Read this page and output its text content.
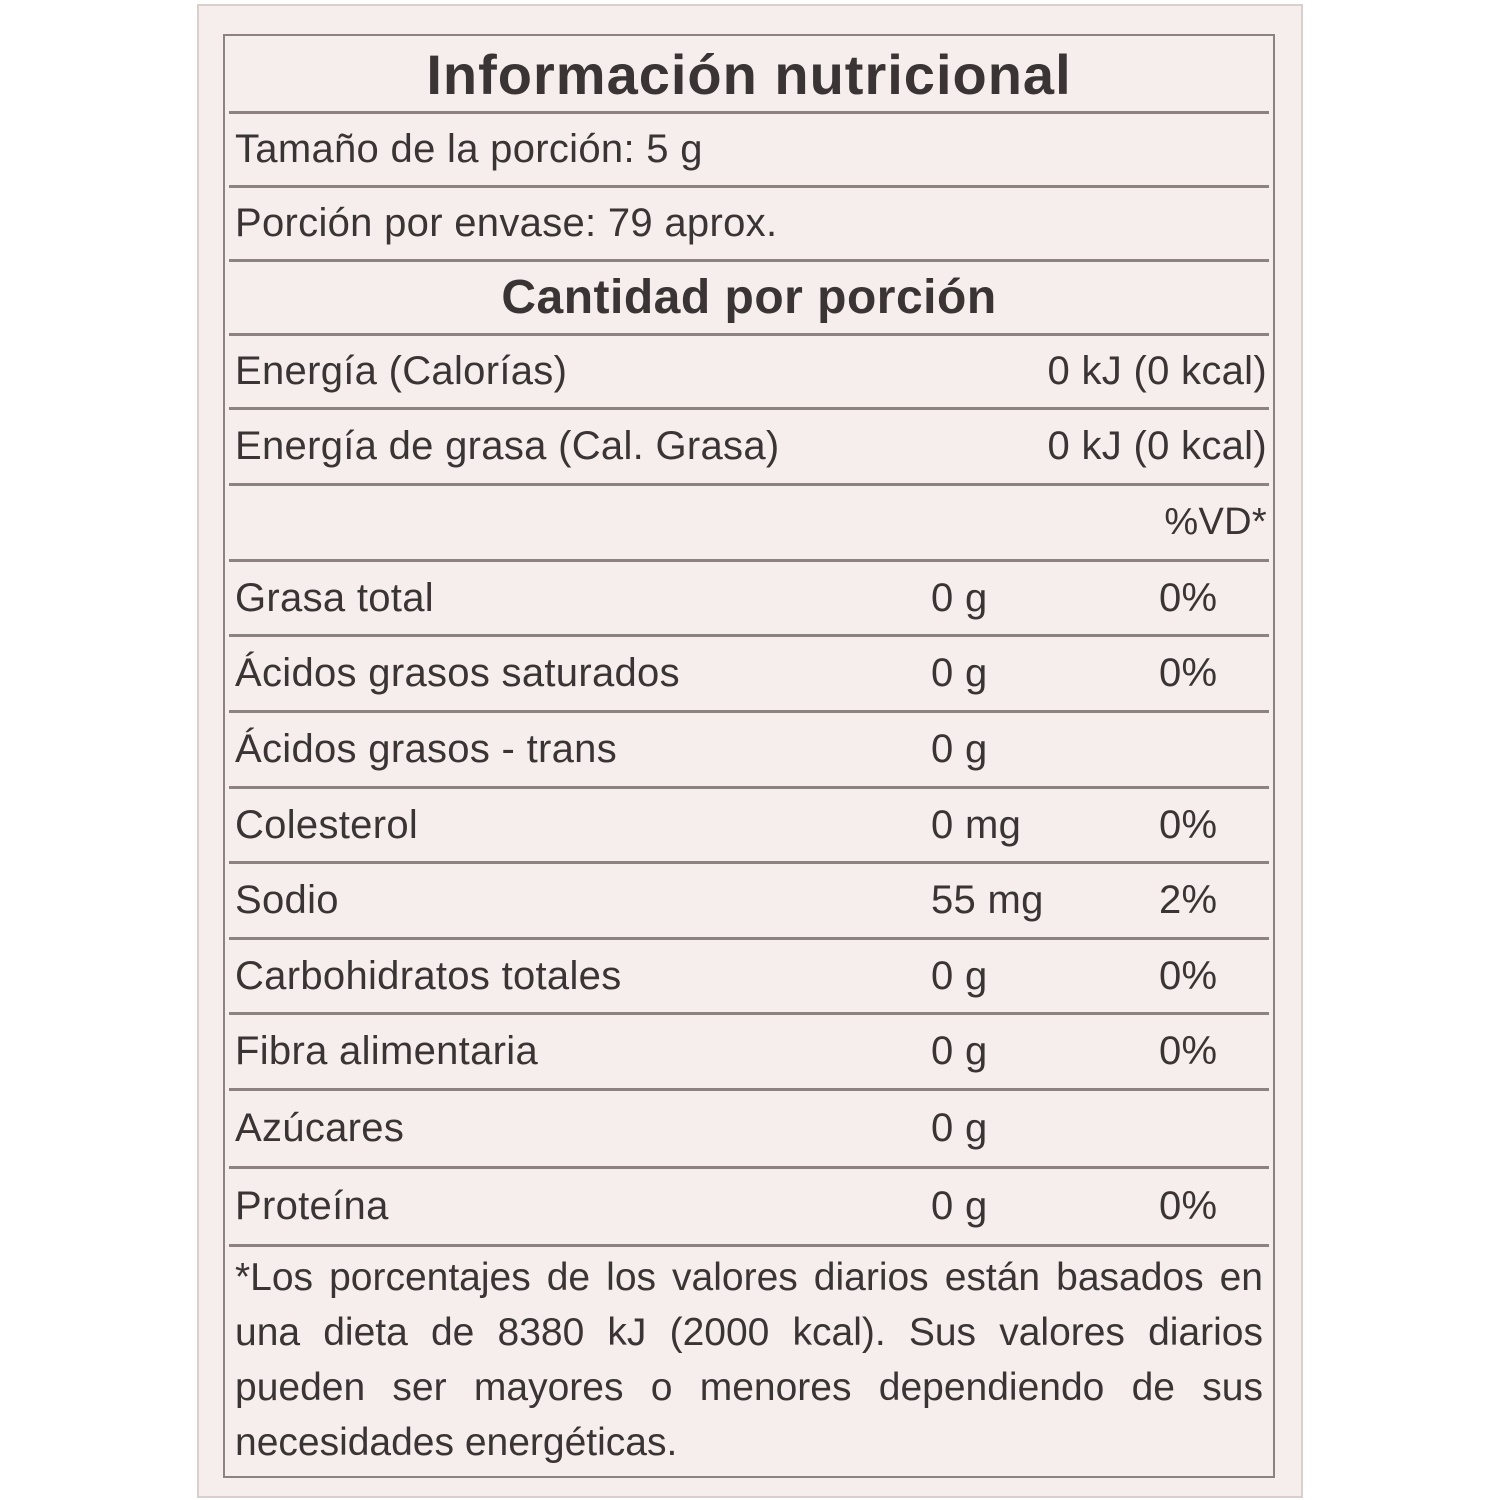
Información nutricional
Tamaño de la porción: 5 g
Porción por envase: 79 aprox.
Cantidad por porción
Energía (Calorías)	0 kJ (0 kcal)
Energía de grasa (Cal. Grasa)	0 kJ (0 kcal)
%VD*
Grasa total	0 g	0%
Ácidos grasos saturados	0 g	0%
Ácidos grasos - trans	0 g
Colesterol	0 mg	0%
Sodio	55 mg	2%
Carbohidratos totales	0 g	0%
Fibra alimentaria	0 g	0%
Azúcares	0 g
Proteína	0 g	0%
*Los porcentajes de los valores diarios están basados en una dieta de 8380 kJ (2000 kcal). Sus valores diarios pueden ser mayores o menores dependiendo de sus necesidades energéticas.
